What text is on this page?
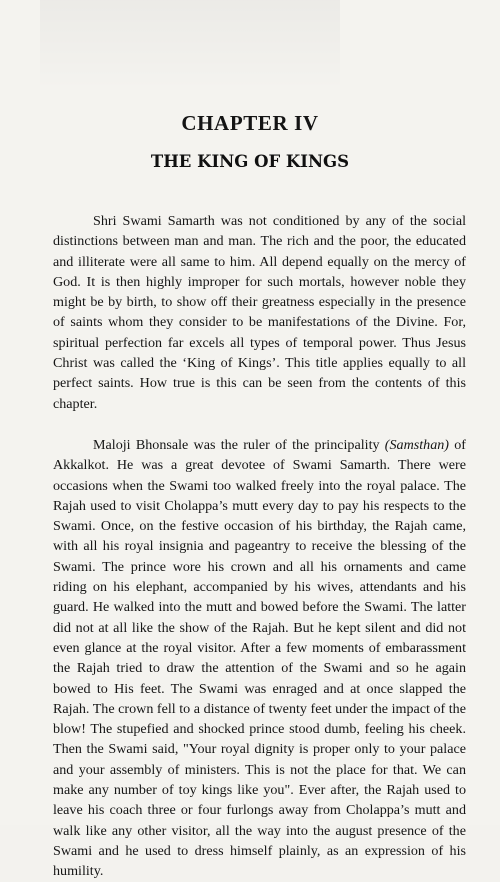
CHAPTER IV
THE KING OF KINGS

Shri Swami Samarth was not conditioned by any of the social distinctions between man and man. The rich and the poor, the educated and illiterate were all same to him. All depend equally on the mercy of God. It is then highly improper for such mortals, however noble they might be by birth, to show off their greatness especially in the presence of saints whom they consider to be manifestations of the Divine. For, spiritual perfection far excels all types of temporal power. Thus Jesus Christ was called the ‘King of Kings’. This title applies equally to all perfect saints. How true is this can be seen from the contents of this chapter.

Maloji Bhonsale was the ruler of the principality (Samsthan) of Akkalkot. He was a great devotee of Swami Samarth. There were occasions when the Swami too walked freely into the royal palace. The Rajah used to visit Cholappa’s mutt every day to pay his respects to the Swami. Once, on the festive occasion of his birthday, the Rajah came, with all his royal insignia and pageantry to receive the blessing of the Swami. The prince wore his crown and all his ornaments and came riding on his elephant, accompanied by his wives, attendants and his guard. He walked into the mutt and bowed before the Swami. The latter did not at all like the show of the Rajah. But he kept silent and did not even glance at the royal visitor. After a few moments of embarassment the Rajah tried to draw the attention of the Swami and so he again bowed to His feet. The Swami was enraged and at once slapped the Rajah. The crown fell to a distance of twenty feet under the impact of the blow! The stupefied and shocked prince stood dumb, feeling his cheek. Then the Swami said, "Your royal dignity is proper only to your palace and your assembly of ministers. This is not the place for that. We can make any number of toy kings like you". Ever after, the Rajah used to leave his coach three or four furlongs away from Cholappa’s mutt and walk like any other visitor, all the way into the august presence of the Swami and he used to dress himself plainly, as an expression of his humility.
